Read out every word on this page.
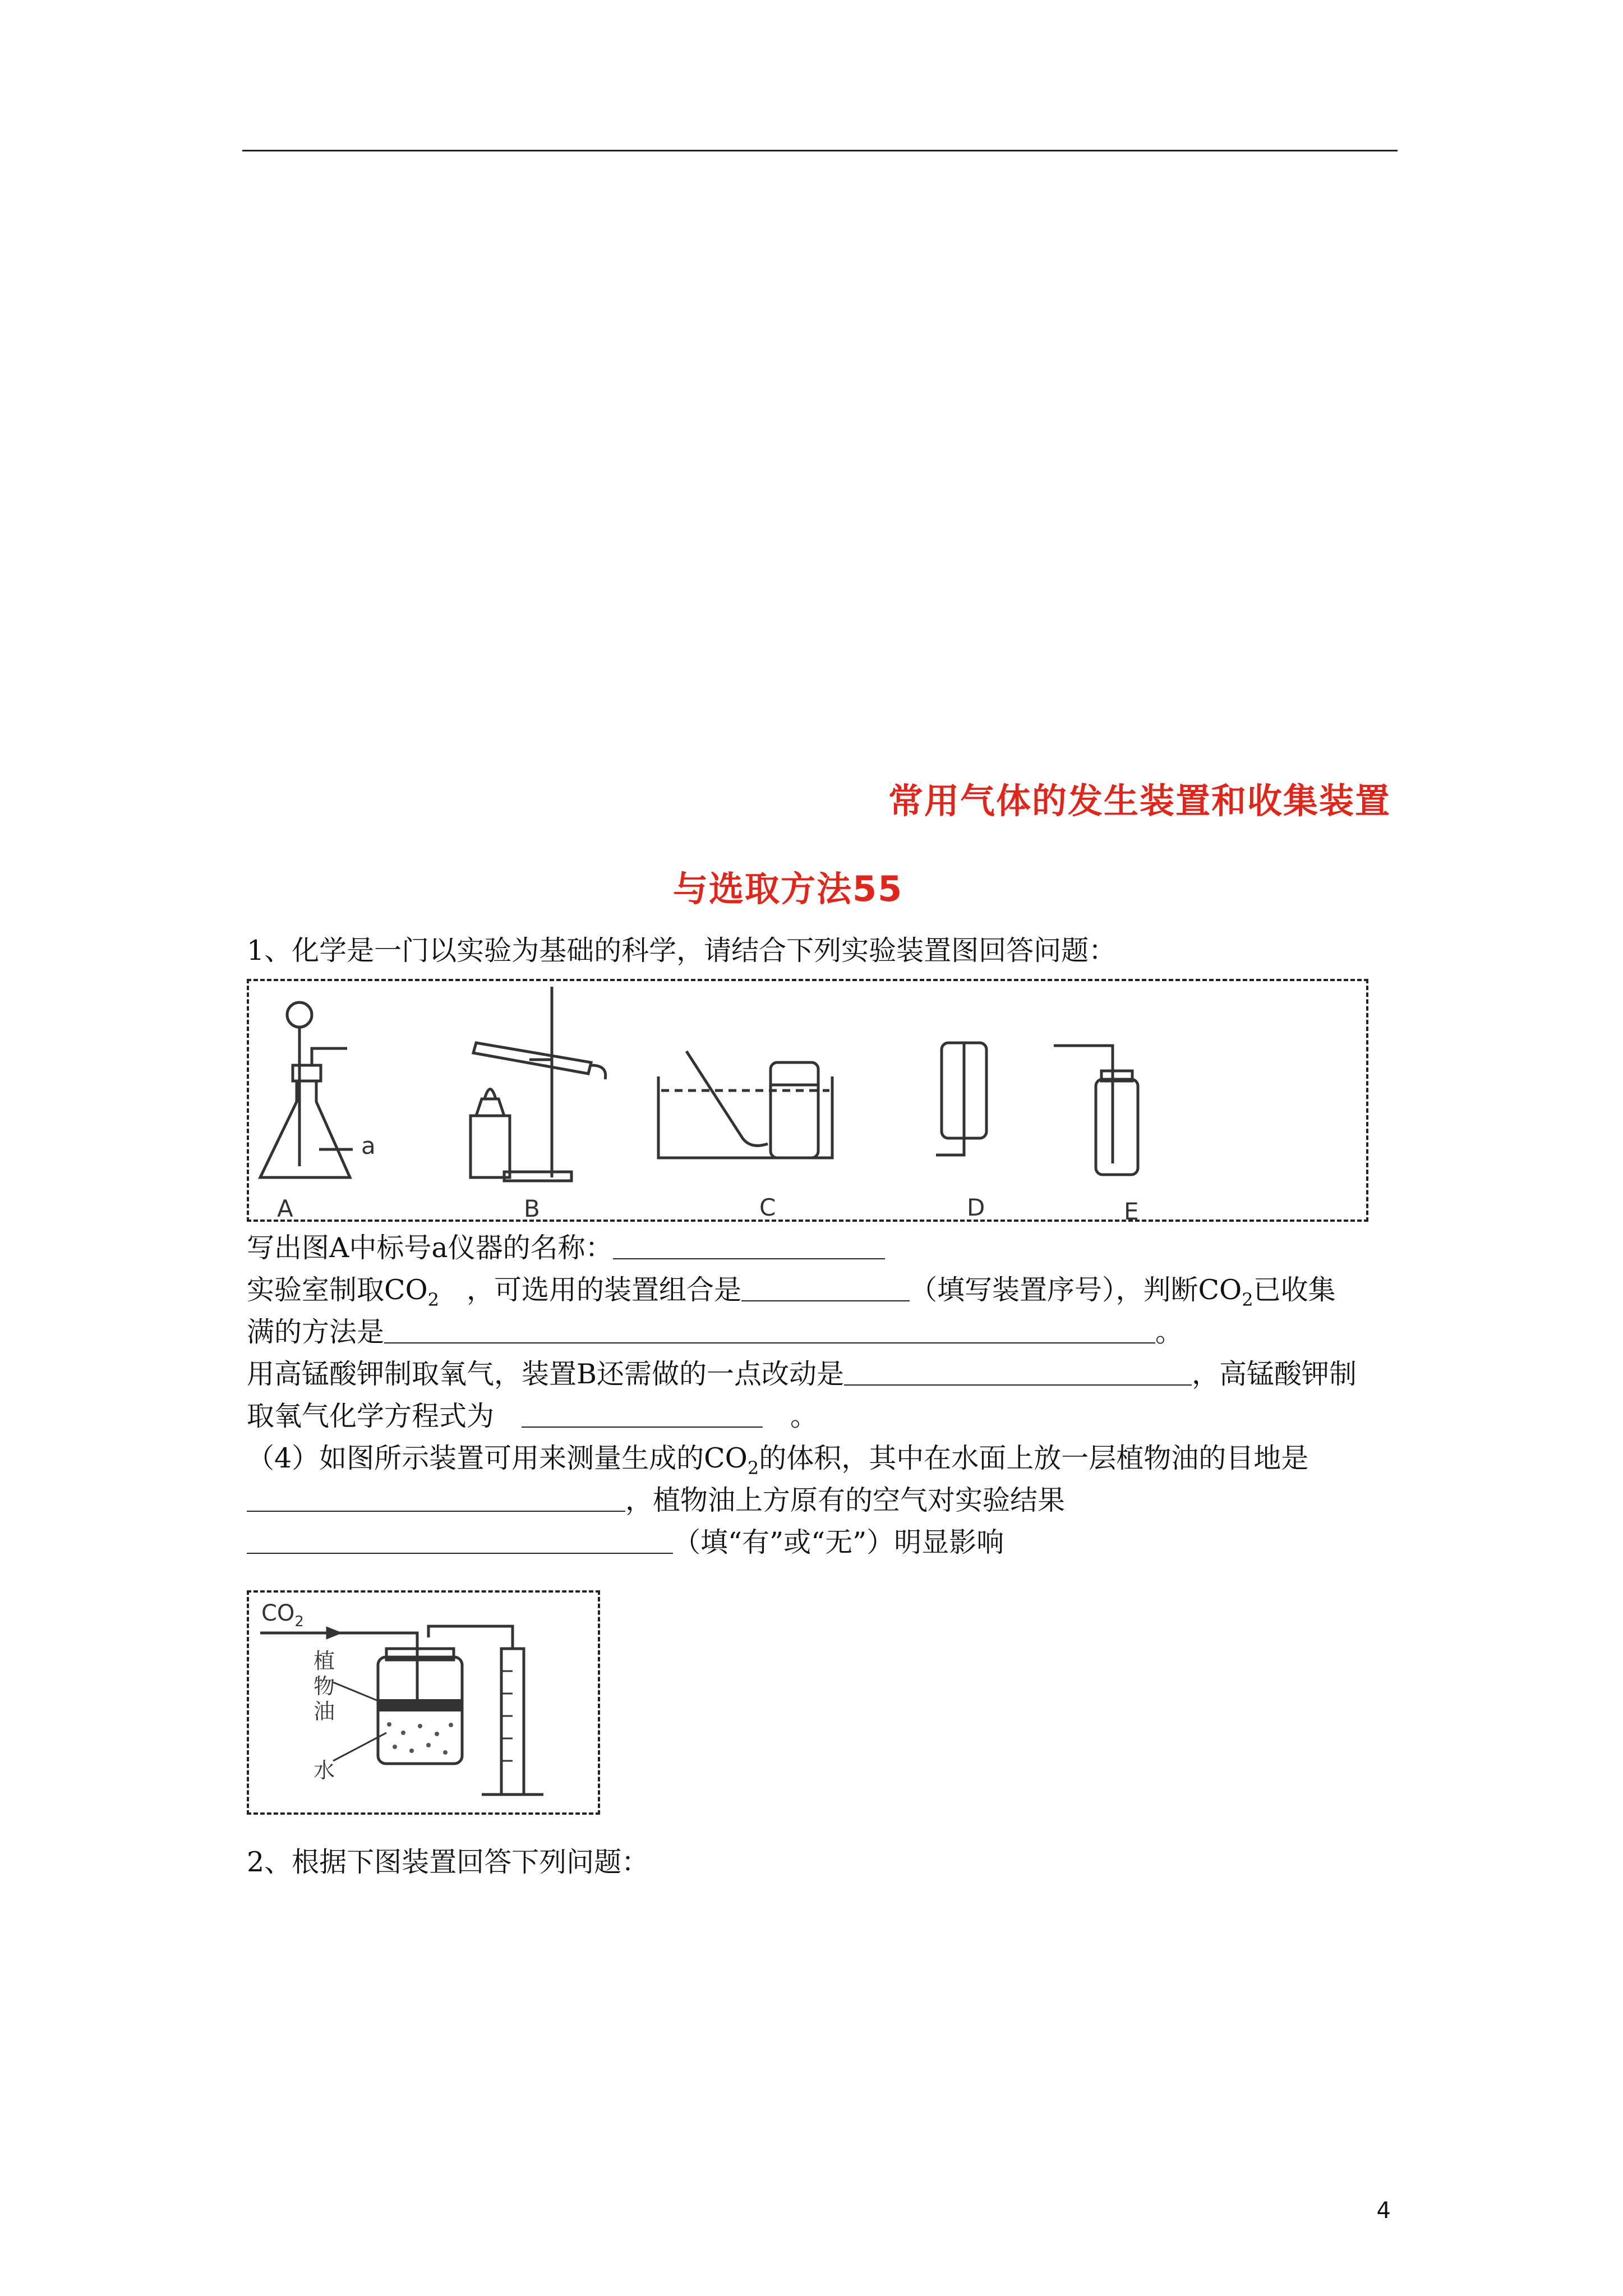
常用气体的发生装置和收集装置
与选取方法55
1、化学是一门以实验为基础的科学，请结合下列实验装置图回答问题：
a
A	B	C	D	E
写出图A中标号a仪器的名称：
实验室制取$CO_2$　，可选用的装置组合是	（填写装置序号），判断$CO_2$已收集
满的方法是	。
用高锰酸钾制取氧气，装置B还需做的一点改动是	，高锰酸钾制
取氧气化学方程式为　　	。
（4）如图所示装置可用来测量生成的$CO_2$的体积，其中在水面上放一层植物油的目地是
，植物油上方原有的空气对实验结果
（填“有”或“无”）明显影响
$CO_2$
植
物
油
水
2、根据下图装置回答下列问题：
4
